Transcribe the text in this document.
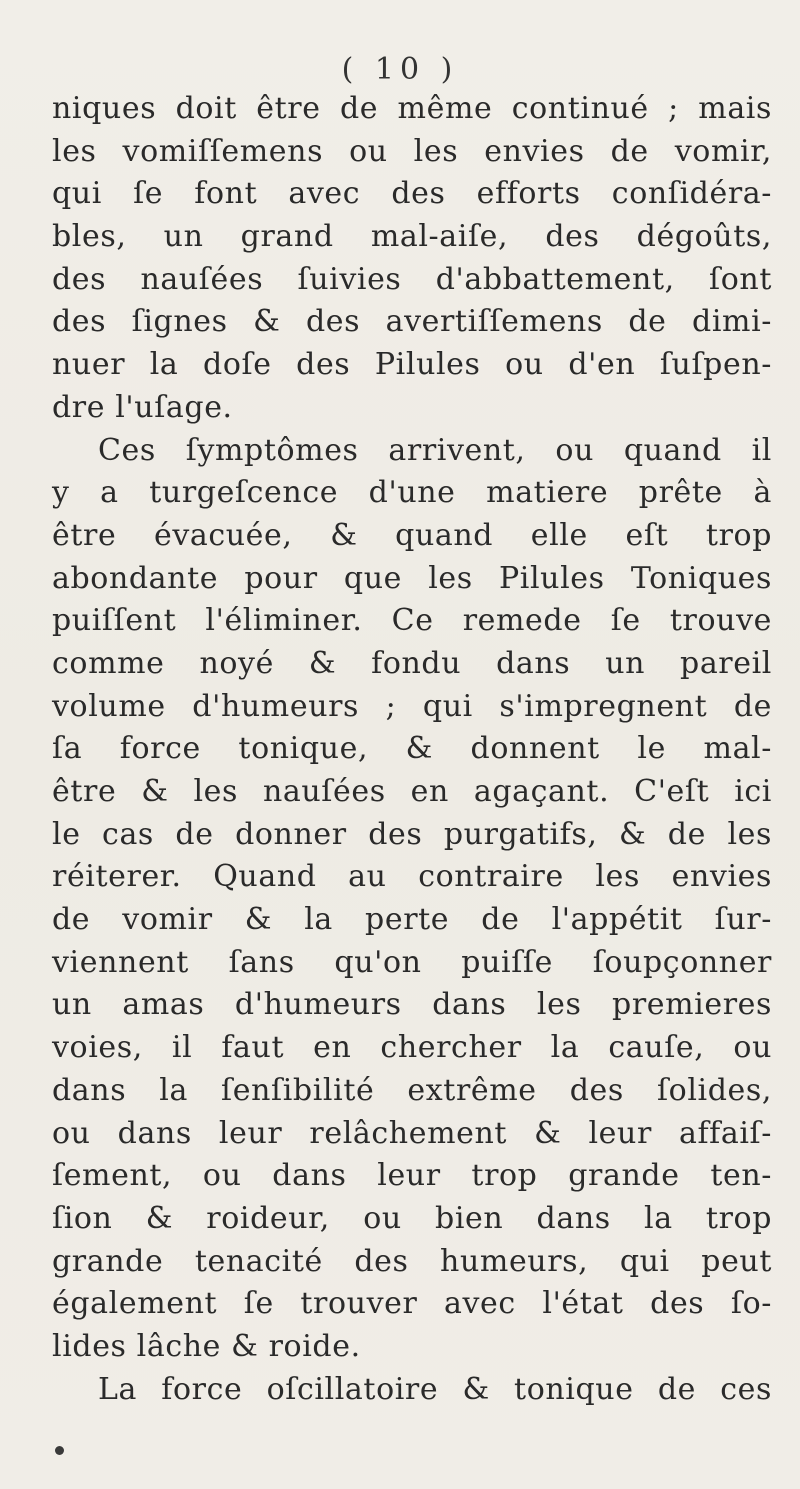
( 10 )
niques doit être de même continué ; mais
les vomiſſemens ou les envies de vomir,
qui ſe font avec des efforts conſidéra-
bles, un grand mal-aiſe, des dégoûts,
des nauſées ſuivies d'abbattement, ſont
des ſignes & des avertiſſemens de dimi-
nuer la doſe des Pilules ou d'en ſuſpen-
dre l'uſage.
Ces ſymptômes arrivent, ou quand il
y a turgeſcence d'une matiere prête à
être évacuée, & quand elle eſt trop
abondante pour que les Pilules Toniques
puiſſent l'éliminer. Ce remede ſe trouve
comme noyé & fondu dans un pareil
volume d'humeurs ; qui s'impregnent de
ſa force tonique, & donnent le mal-
être & les nauſées en agaçant. C'eſt ici
le cas de donner des purgatifs, & de les
réiterer. Quand au contraire les envies
de vomir & la perte de l'appétit ſur-
viennent ſans qu'on puiſſe ſoupçonner
un amas d'humeurs dans les premieres
voies, il faut en chercher la cauſe, ou
dans la ſenſibilité extrême des ſolides,
ou dans leur relâchement & leur affaiſ-
ſement, ou dans leur trop grande ten-
ſion & roideur, ou bien dans la trop
grande tenacité des humeurs, qui peut
également ſe trouver avec l'état des ſo-
lides lâche & roide.
La force oſcillatoire & tonique de ces
